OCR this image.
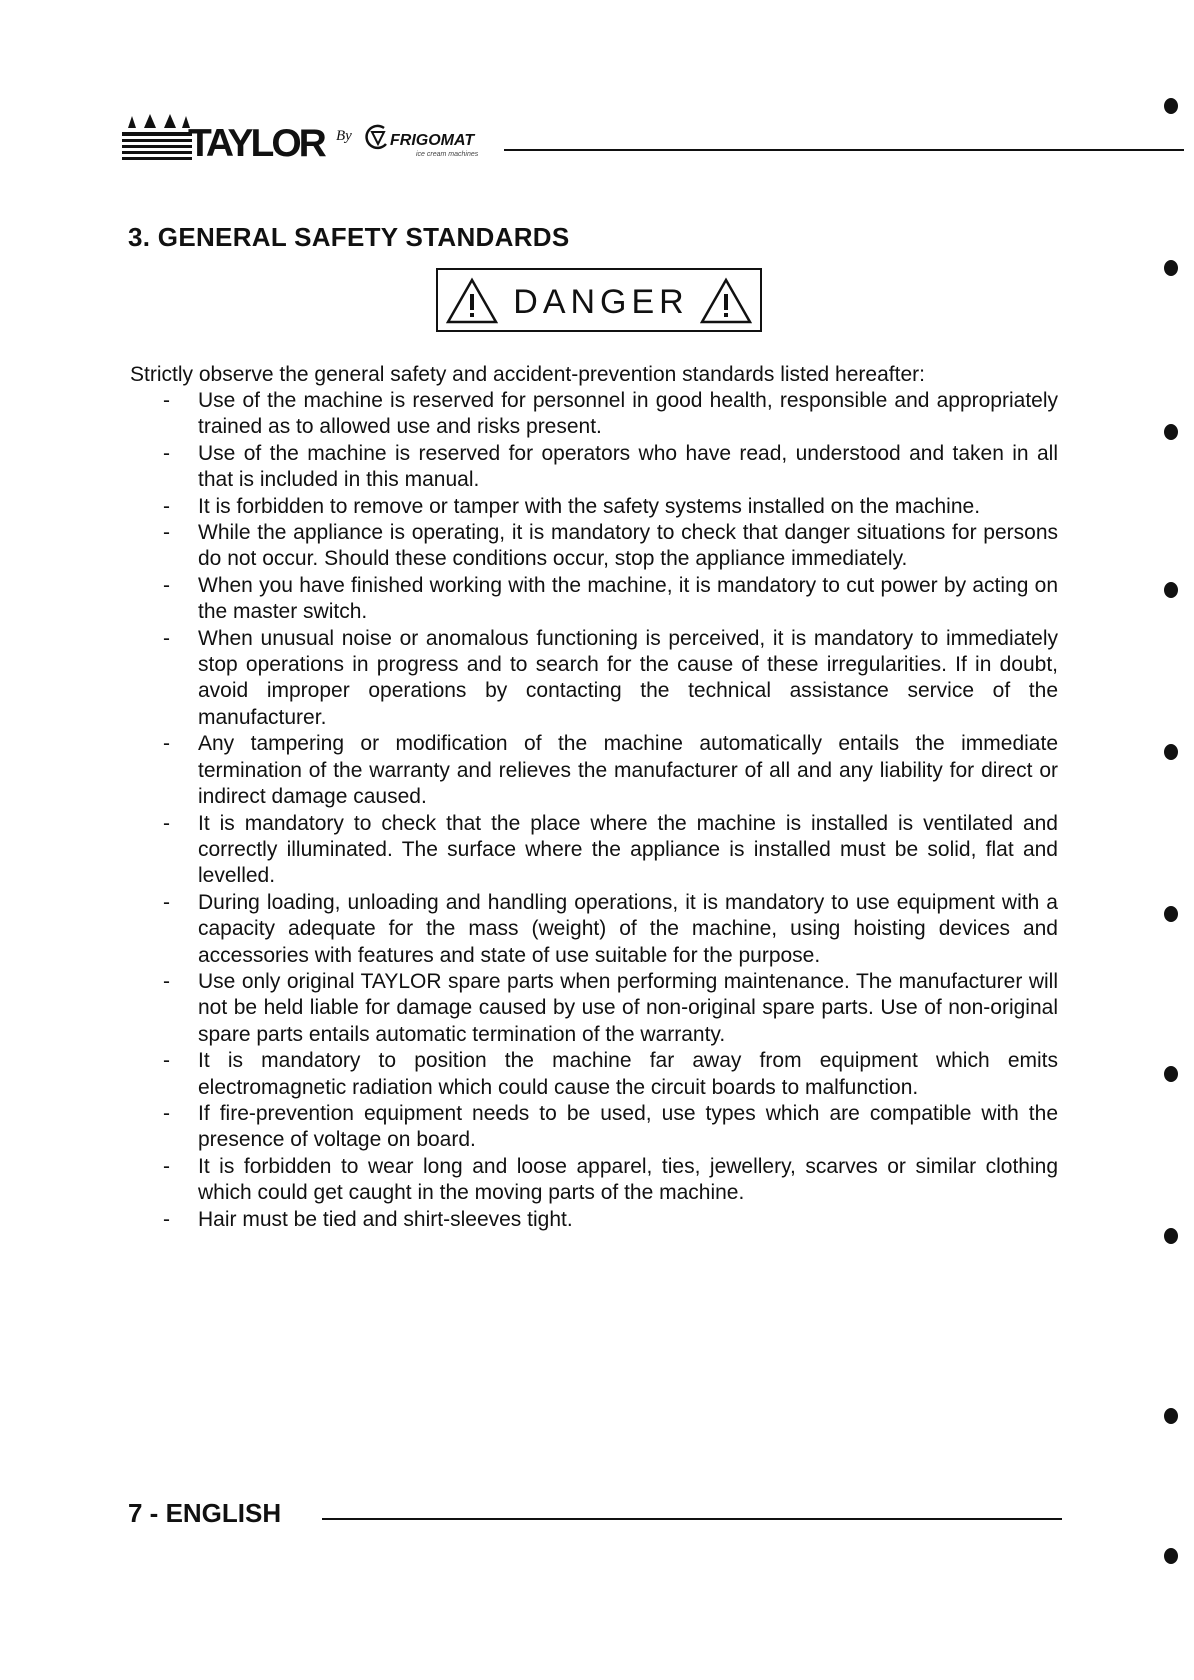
TAYLOR By FRIGOMAT
ice cream machines
3. GENERAL SAFETY STANDARDS
DANGER

Strictly observe the general safety and accident-prevention standards listed hereafter:

- Use of the machine is reserved for personnel in good health, responsible and appropriately trained as to allowed use and risks present.
- Use of the machine is reserved for operators who have read, understood and taken in all that is included in this manual.
- It is forbidden to remove or tamper with the safety systems installed on the machine.
- While the appliance is operating, it is mandatory to check that danger situations for persons do not occur. Should these conditions occur, stop the appliance immediately.
- When you have finished working with the machine, it is mandatory to cut power by acting on the master switch.
- When unusual noise or anomalous functioning is perceived, it is mandatory to immediately stop operations in progress and to search for the cause of these irregularities. If in doubt, avoid improper operations by contacting the technical assistance service of the manufacturer.
- Any tampering or modification of the machine automatically entails the immediate termination of the warranty and relieves the manufacturer of all and any liability for direct or indirect damage caused.
- It is mandatory to check that the place where the machine is installed is ventilated and correctly illuminated. The surface where the appliance is installed must be solid, flat and levelled.
- During loading, unloading and handling operations, it is mandatory to use equipment with a capacity adequate for the mass (weight) of the machine, using hoisting devices and accessories with features and state of use suitable for the purpose.
- Use only original TAYLOR spare parts when performing maintenance. The manufacturer will not be held liable for damage caused by use of non-original spare parts. Use of non-original spare parts entails automatic termination of the warranty.
- It is mandatory to position the machine far away from equipment which emits electromagnetic radiation which could cause the circuit boards to malfunction.
- If fire-prevention equipment needs to be used, use types which are compatible with the presence of voltage on board.
- It is forbidden to wear long and loose apparel, ties, jewellery, scarves or similar clothing which could get caught in the moving parts of the machine.
- Hair must be tied and shirt-sleeves tight.

7 - ENGLISH
